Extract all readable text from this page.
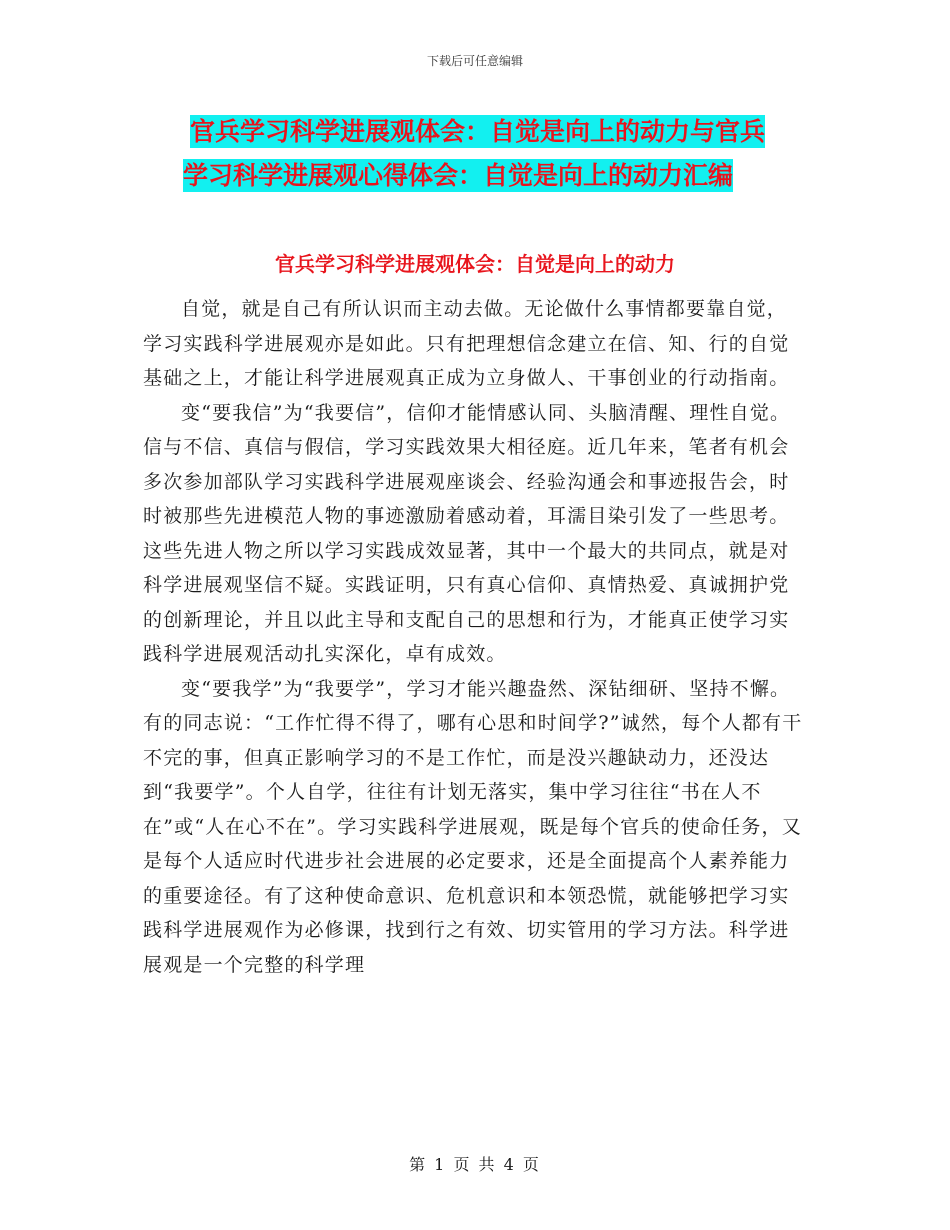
下载后可任意编辑
官兵学习科学进展观体会：自觉是向上的动力与官兵
学习科学进展观心得体会：自觉是向上的动力汇编
官兵学习科学进展观体会：自觉是向上的动力

自觉，就是自己有所认识而主动去做。无论做什么事情都要靠自觉，学习实践科学进展观亦是如此。只有把理想信念建立在信、知、行的自觉基础之上，才能让科学进展观真正成为立身做人、干事创业的行动指南。

变“要我信”为“我要信”，信仰才能情感认同、头脑清醒、理性自觉。信与不信、真信与假信，学习实践效果大相径庭。近几年来，笔者有机会多次参加部队学习实践科学进展观座谈会、经验沟通会和事迹报告会，时时被那些先进模范人物的事迹激励着感动着，耳濡目染引发了一些思考。这些先进人物之所以学习实践成效显著，其中一个最大的共同点，就是对科学进展观坚信不疑。实践证明，只有真心信仰、真情热爱、真诚拥护党的创新理论，并且以此主导和支配自己的思想和行为，才能真正使学习实践科学进展观活动扎实深化，卓有成效。

变“要我学”为“我要学”，学习才能兴趣盎然、深钻细研、坚持不懈。有的同志说：“工作忙得不得了，哪有心思和时间学?”诚然，每个人都有干不完的事，但真正影响学习的不是工作忙，而是没兴趣缺动力，还没达到“我要学”。个人自学，往往有计划无落实，集中学习往往“书在人不在”或“人在心不在”。学习实践科学进展观，既是每个官兵的使命任务，又是每个人适应时代进步社会进展的必定要求，还是全面提高个人素养能力的重要途径。有了这种使命意识、危机意识和本领恐慌，就能够把学习实践科学进展观作为必修课，找到行之有效、切实管用的学习方法。科学进展观是一个完整的科学理

第 1 页 共 4 页
